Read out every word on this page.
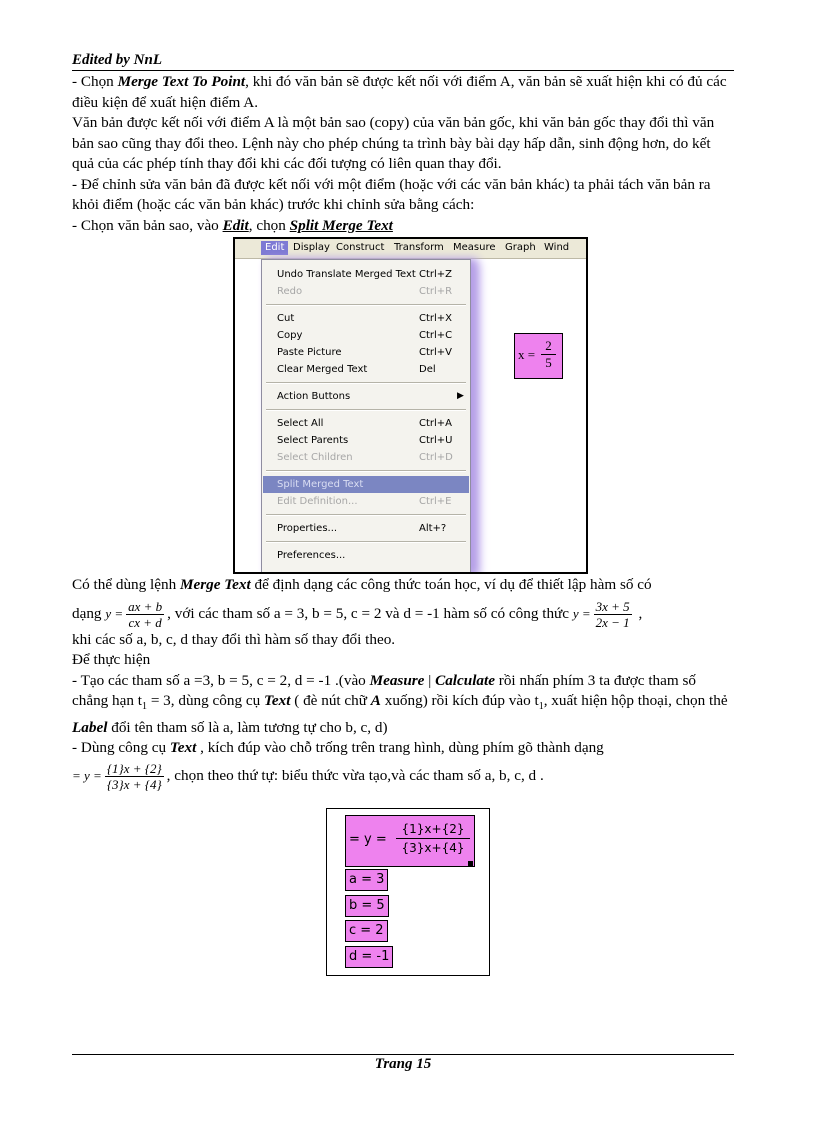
Edited by NnL

- Chọn Merge Text To Point, khi đó văn bản sẽ được kết nối với điểm A, văn bản sẽ xuất hiện khi có đủ các điều kiện để xuất hiện điểm A.

Văn bản được kết nối với điểm A là một bản sao (copy) của văn bản gốc, khi văn bản gốc thay đổi thì văn bản sao cũng thay đổi theo. Lệnh này cho phép chúng ta trình bày bài dạy hấp dẫn, sinh động hơn, do kết quả của các phép tính thay đổi khi các đối tượng có liên quan thay đổi.

- Để chỉnh sửa văn bản đã được kết nối với một điểm (hoặc với các văn bản khác) ta phải tách văn bản ra khỏi điểm (hoặc các văn bản khác) trước khi chỉnh sửa bằng cách:

- Chọn văn bản sao, vào Edit, chọn Split Merge Text

Edit Display Construct Transform Measure Graph Wind
Undo Translate Merged Text Ctrl+Z
Redo	Ctrl+R
Cut	Ctrl+X
Copy	Ctrl+C
Paste Picture	Ctrl+V
Clear Merged Text	Del
Action Buttons	▶
Select All	Ctrl+A
Select Parents	Ctrl+U
Select Children	Ctrl+D
Split Merged Text
Edit Definition...	Ctrl+E
Properties...	Alt+?
Preferences...
x =
2
5

Có thể dùng lệnh Merge Text để định dạng các công thức toán học, ví dụ để thiết lập hàm số có

dạng $y = \frac{ax + b}{cx + d}$ , với các tham số a = 3, b = 5, c = 2 và d = -1 hàm số có công thức $y = \frac{3x + 5}{2x - 1}$ ,

khi các số a, b, c, d thay đổi thì hàm số thay đổi theo.

Để thực hiện

- Tạo các tham số a =3, b = 5, c = 2, d = -1 .(vào Measure | Calculate rồi nhấn phím 3 ta được tham số chẳng hạn $t_1 = 3$, dùng công cụ Text ( đè nút chữ A xuống) rồi kích đúp vào $t_1$, xuất hiện hộp thoại, chọn thẻ Label đổi tên tham số là a, làm tương tự cho b, c, d)

- Dùng công cụ Text , kích đúp vào chỗ trống trên trang hình, dùng phím gõ thành dạng

= $y = \frac{\{1\}x + \{2\}}{\{3\}x + \{4\}}$ , chọn theo thứ tự: biểu thức vừa tạo,và các tham số a, b, c, d .

= y =
{1}x+{2}
{3}x+{4}
a = 3
b = 5
c = 2
d = -1
Trang 15
